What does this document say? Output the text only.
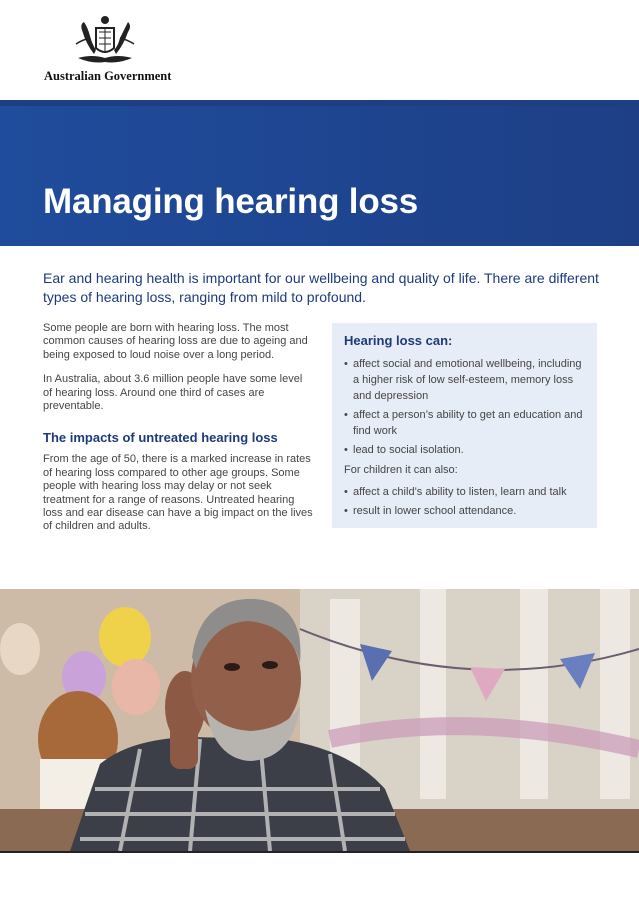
Australian Government
Managing hearing loss

Ear and hearing health is important for our wellbeing and quality of life. There are different types of hearing loss, ranging from mild to profound.

Some people are born with hearing loss. The most common causes of hearing loss are due to ageing and being exposed to loud noise over a long period.

In Australia, about 3.6 million people have some level of hearing loss. Around one third of cases are preventable.

The impacts of untreated hearing loss

From the age of 50, there is a marked increase in rates of hearing loss compared to other age groups. Some people with hearing loss may delay or not seek treatment for a range of reasons. Untreated hearing loss and ear disease can have a big impact on the lives of children and adults.

Hearing loss can:
• affect social and emotional wellbeing, including a higher risk of low self-esteem, memory loss and depression
• affect a person’s ability to get an education and find work
• lead to social isolation.
For children it can also:
• affect a child’s ability to listen, learn and talk
• result in lower school attendance.
